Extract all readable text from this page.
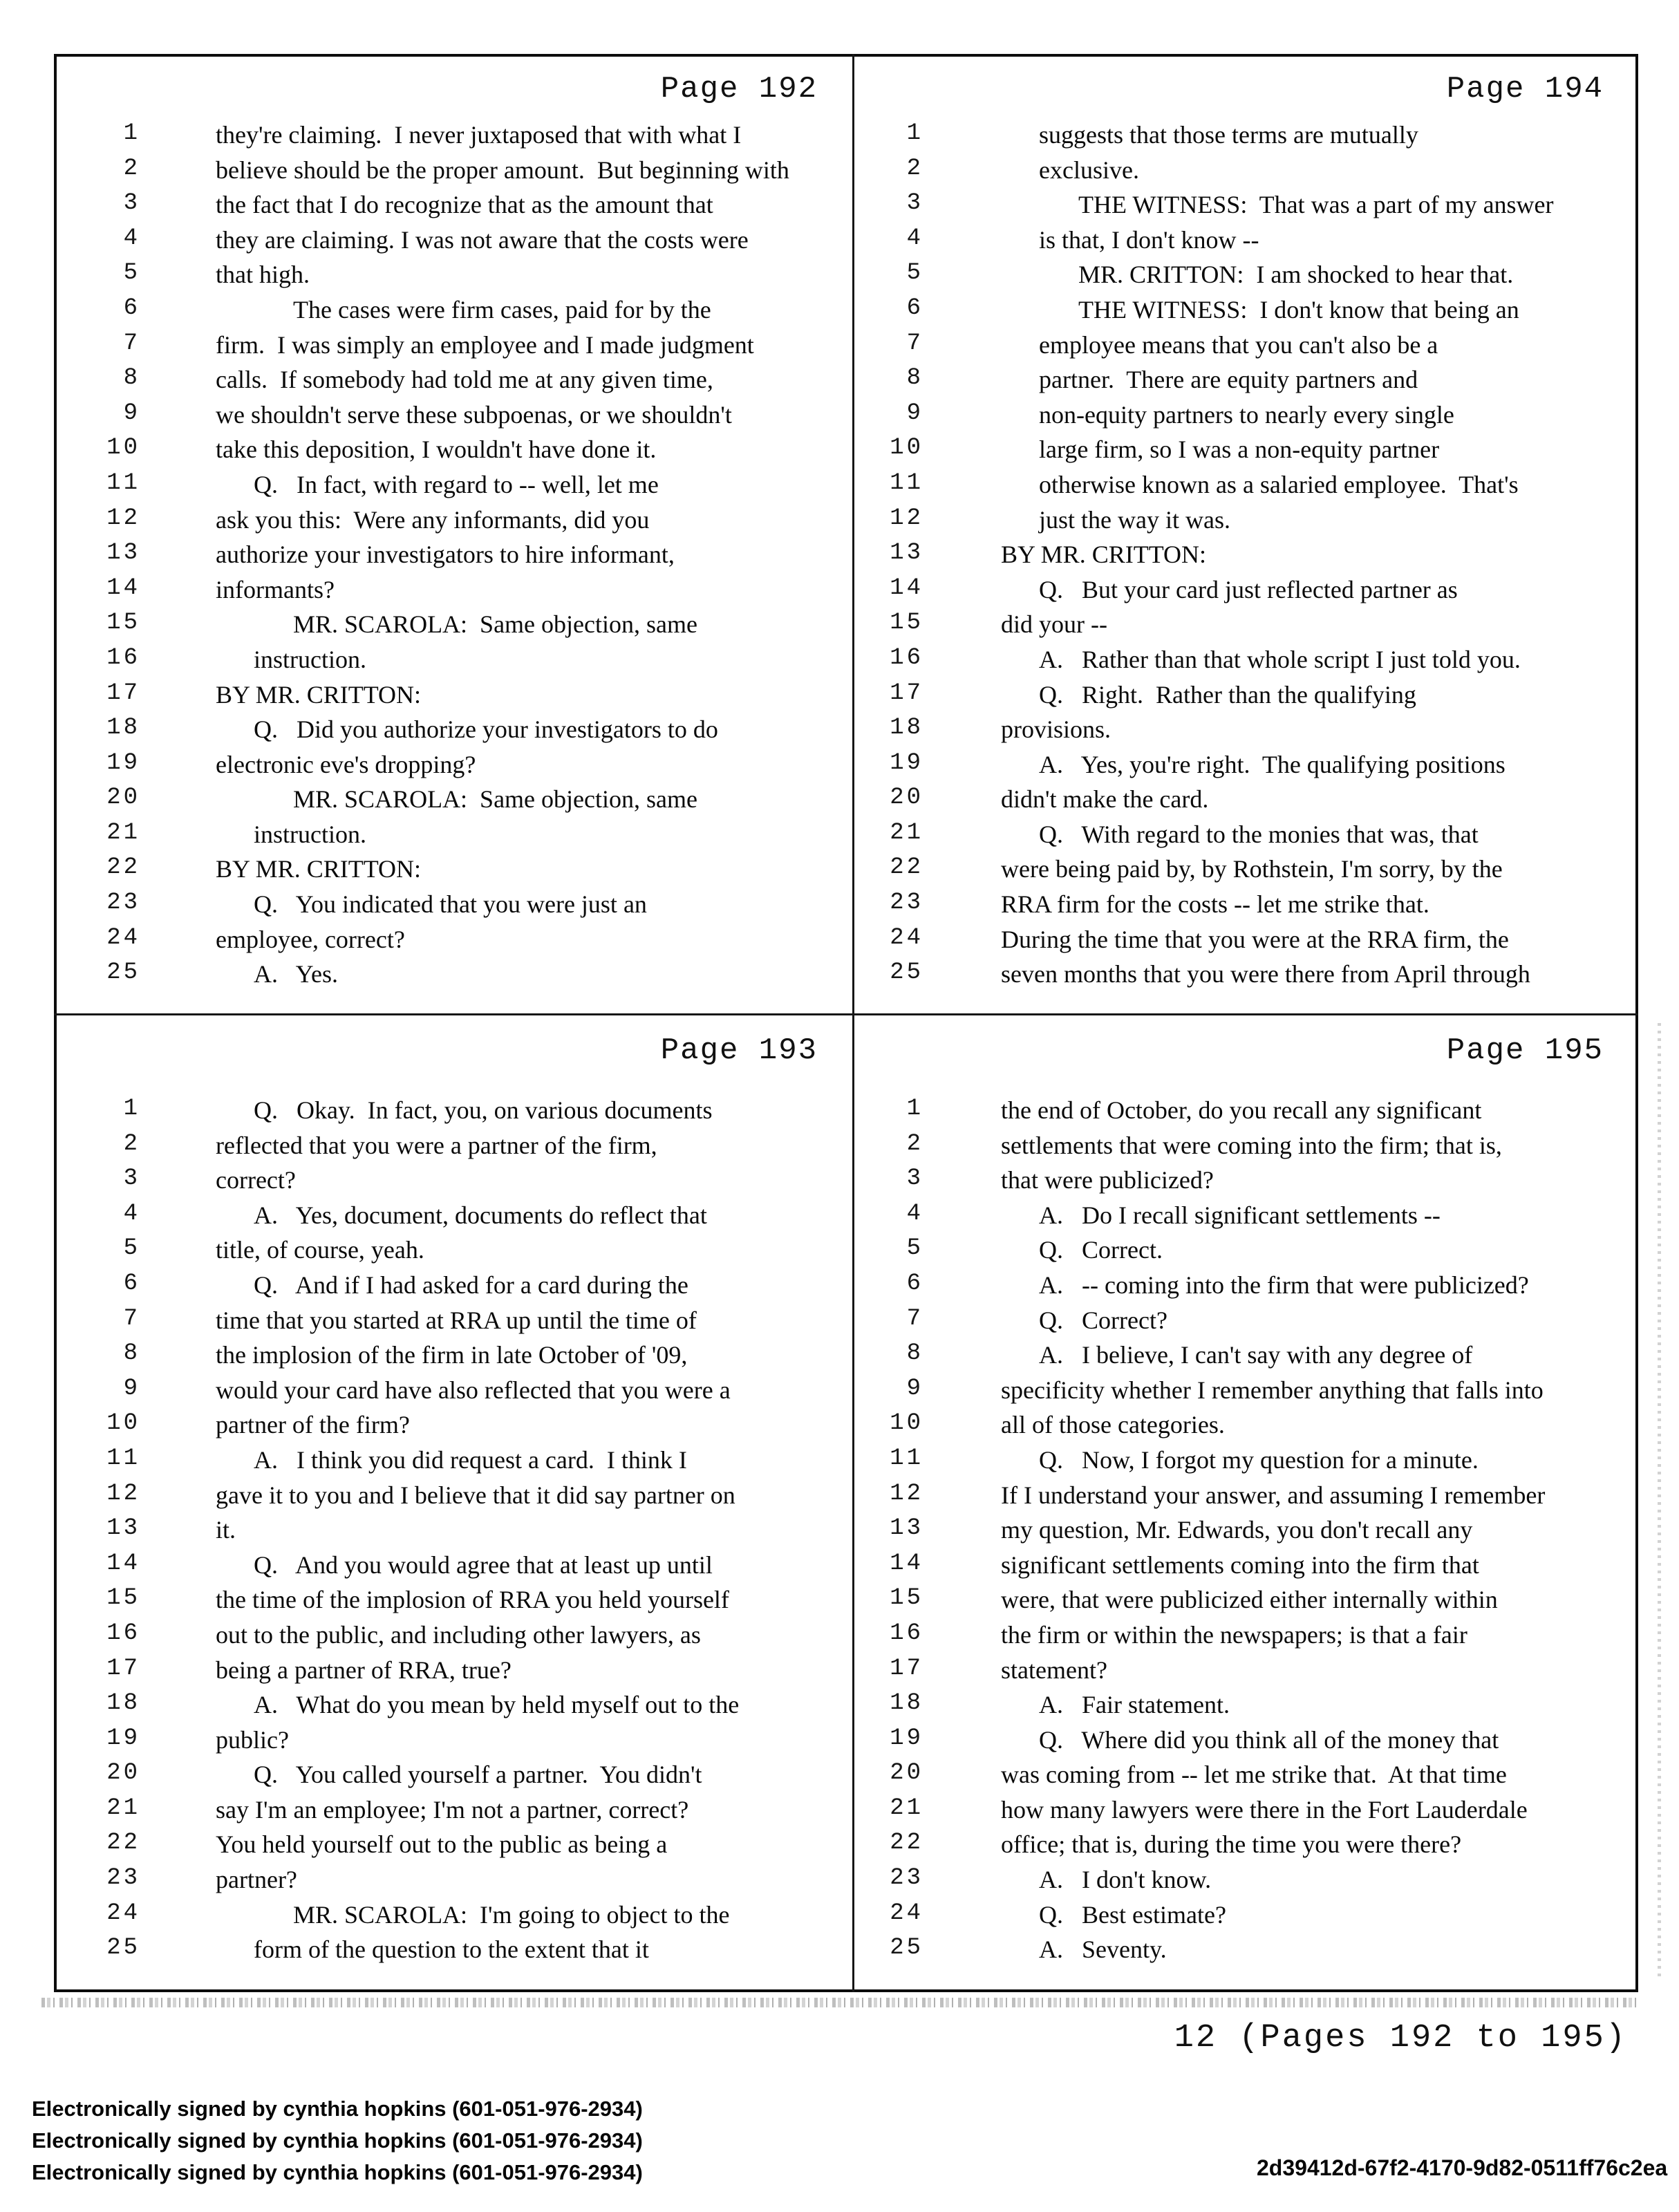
Page 192
1	they're claiming.  I never juxtaposed that with what I
2	believe should be the proper amount.  But beginning with
3	the fact that I do recognize that as the amount that
4	they are claiming. I was not aware that the costs were
5	that high.
6	The cases were firm cases, paid for by the
7	firm.  I was simply an employee and I made judgment
8	calls.  If somebody had told me at any given time,
9	we shouldn't serve these subpoenas, or we shouldn't
10	take this deposition, I wouldn't have done it.
11	Q.   In fact, with regard to -- well, let me
12	ask you this:  Were any informants, did you
13	authorize your investigators to hire informant,
14	informants?
15	MR. SCAROLA:  Same objection, same
16	instruction.
17	BY MR. CRITTON:
18	Q.   Did you authorize your investigators to do
19	electronic eve's dropping?
20	MR. SCAROLA:  Same objection, same
21	instruction.
22	BY MR. CRITTON:
23	Q.   You indicated that you were just an
24	employee, correct?
25	A.   Yes.
Page 194
1	suggests that those terms are mutually
2	exclusive.
3	THE WITNESS:  That was a part of my answer
4	is that, I don't know --
5	MR. CRITTON:  I am shocked to hear that.
6	THE WITNESS:  I don't know that being an
7	employee means that you can't also be a
8	partner.  There are equity partners and
9	non-equity partners to nearly every single
10	large firm, so I was a non-equity partner
11	otherwise known as a salaried employee.  That's
12	just the way it was.
13	BY MR. CRITTON:
14	Q.   But your card just reflected partner as
15	did your --
16	A.   Rather than that whole script I just told you.
17	Q.   Right.  Rather than the qualifying
18	provisions.
19	A.   Yes, you're right.  The qualifying positions
20	didn't make the card.
21	Q.   With regard to the monies that was, that
22	were being paid by, by Rothstein, I'm sorry, by the
23	RRA firm for the costs -- let me strike that.
24	During the time that you were at the RRA firm, the
25	seven months that you were there from April through
Page 193
1	Q.   Okay.  In fact, you, on various documents
2	reflected that you were a partner of the firm,
3	correct?
4	A.   Yes, document, documents do reflect that
5	title, of course, yeah.
6	Q.   And if I had asked for a card during the
7	time that you started at RRA up until the time of
8	the implosion of the firm in late October of '09,
9	would your card have also reflected that you were a
10	partner of the firm?
11	A.   I think you did request a card.  I think I
12	gave it to you and I believe that it did say partner on
13	it.
14	Q.   And you would agree that at least up until
15	the time of the implosion of RRA you held yourself
16	out to the public, and including other lawyers, as
17	being a partner of RRA, true?
18	A.   What do you mean by held myself out to the
19	public?
20	Q.   You called yourself a partner.  You didn't
21	say I'm an employee; I'm not a partner, correct?
22	You held yourself out to the public as being a
23	partner?
24	MR. SCAROLA:  I'm going to object to the
25	form of the question to the extent that it
Page 195
1	the end of October, do you recall any significant
2	settlements that were coming into the firm; that is,
3	that were publicized?
4	A.   Do I recall significant settlements --
5	Q.   Correct.
6	A.   -- coming into the firm that were publicized?
7	Q.   Correct?
8	A.   I believe, I can't say with any degree of
9	specificity whether I remember anything that falls into
10	all of those categories.
11	Q.   Now, I forgot my question for a minute.
12	If I understand your answer, and assuming I remember
13	my question, Mr. Edwards, you don't recall any
14	significant settlements coming into the firm that
15	were, that were publicized either internally within
16	the firm or within the newspapers; is that a fair
17	statement?
18	A.   Fair statement.
19	Q.   Where did you think all of the money that
20	was coming from -- let me strike that.  At that time
21	how many lawyers were there in the Fort Lauderdale
22	office; that is, during the time you were there?
23	A.   I don't know.
24	Q.   Best estimate?
25	A.   Seventy.
12 (Pages 192 to 195)
Electronically signed by cynthia hopkins (601-051-976-2934)
Electronically signed by cynthia hopkins (601-051-976-2934)
Electronically signed by cynthia hopkins (601-051-976-2934)	2d39412d-67f2-4170-9d82-0511ff76c2ea
